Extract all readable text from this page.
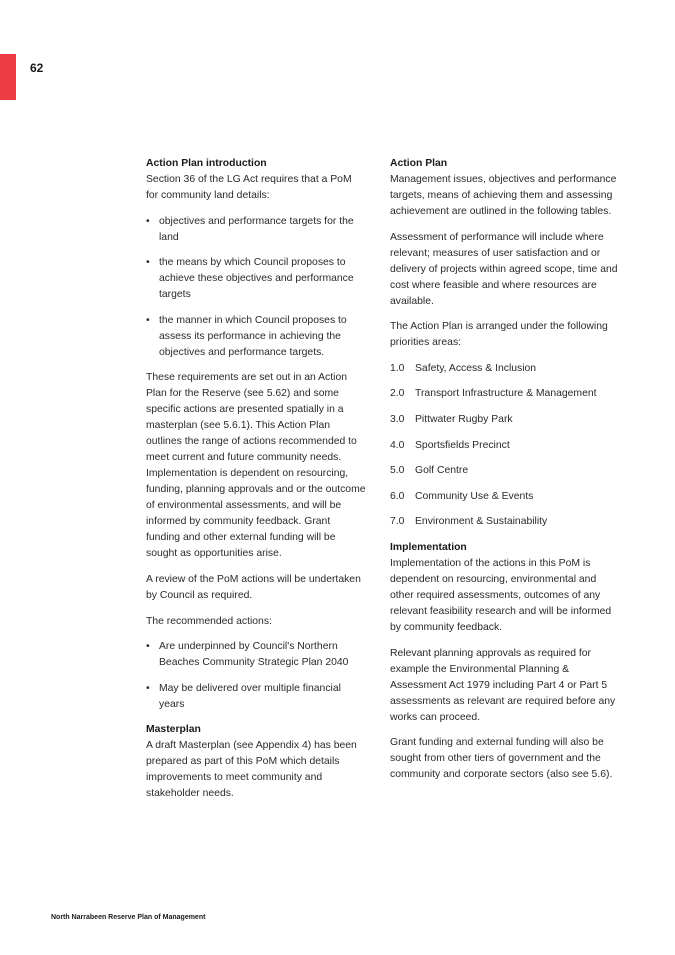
62
Action Plan introduction

Section 36 of the LG Act requires that a PoM for community land details:

• objectives and performance targets for the land
• the means by which Council proposes to achieve these objectives and performance targets
• the manner in which Council proposes to assess its performance in achieving the objectives and performance targets.

These requirements are set out in an Action Plan for the Reserve (see 5.62) and some specific actions are presented spatially in a masterplan (see 5.6.1). This Action Plan outlines the range of actions recommended to meet current and future community needs. Implementation is dependent on resourcing, funding, planning approvals and or the outcome of environmental assessments, and will be informed by community feedback. Grant funding and other external funding will be sought as opportunities arise.

A review of the PoM actions will be undertaken by Council as required.

The recommended actions:

• Are underpinned by Council's Northern Beaches Community Strategic Plan 2040
• May be delivered over multiple financial years
Masterplan

A draft Masterplan (see Appendix 4) has been prepared as part of this PoM which details improvements to meet community and stakeholder needs.

Action Plan

Management issues, objectives and performance targets, means of achieving them and assessing achievement are outlined in the following tables.

Assessment of performance will include where relevant; measures of user satisfaction and or delivery of projects within agreed scope, time and cost where feasible and where resources are available.

The Action Plan is arranged under the following priorities areas:

1.0	Safety, Access & Inclusion
2.0	Transport Infrastructure & Management
3.0	Pittwater Rugby Park
4.0	Sportsfields Precinct
5.0	Golf Centre
6.0	Community Use & Events
7.0	Environment & Sustainability
Implementation

Implementation of the actions in this PoM is dependent on resourcing, environmental and other required assessments, outcomes of any relevant feasibility research and will be informed by community feedback.

Relevant planning approvals as required for example the Environmental Planning & Assessment Act 1979 including Part 4 or Part 5 assessments as relevant are required before any works can proceed.

Grant funding and external funding will also be sought from other tiers of government and the community and corporate sectors (also see 5.6).

North Narrabeen Reserve Plan of Management
